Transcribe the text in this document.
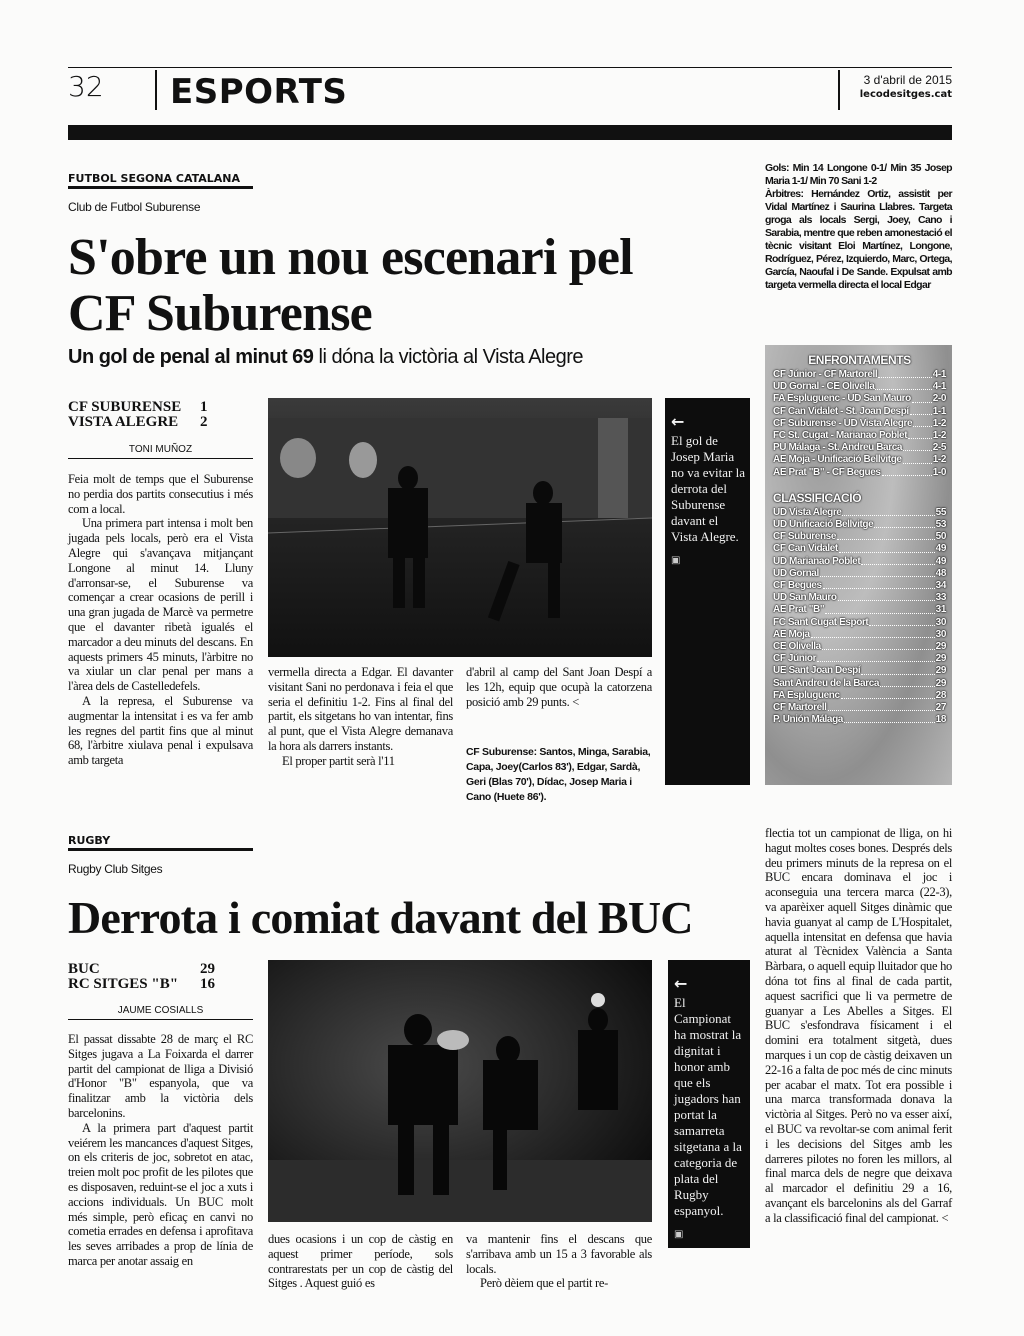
32 ESPORTS	3 d'abril de 2015
lecodesitges.cat
FUTBOL SEGONA CATALANA
Club de Futbol Suburense
S'obre un nou escenari pel
CF Suburense
Un gol de penal al minut 69 li dóna la victòria al Vista Alegre
CF SUBURENSE 1
VISTA ALEGRE 2
TONI MUÑOZ

Feia molt de temps que el Suburense no perdia dos partits consecutius i més com a local.

Una primera part intensa i molt ben jugada pels locals, però era el Vista Alegre qui s'avançava mitjançant Longone al minut 14. Lluny d'arronsar-se, el Suburense va començar a crear ocasions de perill i una gran jugada de Marcè va permetre que el davanter ribetà igualés el marcador a deu minuts del descans. En aquests primers 45 minuts, l'àrbitre no va xiular un clar penal per mans a l'àrea dels de Castelledefels.

A la represa, el Suburense va augmentar la intensitat i es va fer amb les regnes del partit fins que al minut 68, l'àrbitre xiulava penal i expulsava amb targeta

←
El gol de Josep Maria no va evitar la derrota del Suburense davant el Vista Alegre.
▣

vermella directa a Edgar. El davanter visitant Sani no perdonava i feia el que seria el definitiu 1-2. Fins al final del partit, els sitgetans ho van intentar, fins al punt, que el Vista Alegre demanava la hora als darrers instants.

El proper partit serà l'11

d'abril al camp del Sant Joan Despí a les 12h, equip que ocupà la catorzena posició amb 29 punts. <

CF Suburense: Santos, Minga, Sarabia, Capa, Joey(Carlos 83'), Edgar, Sardà, Geri (Blas 70'), Dídac, Josep Maria i Cano (Huete 86').
Gols: Min 14 Longone 0-1/ Min 35 Josep Maria 1-1/ Min 70 Sani 1-2
Àrbitres: Hernández Ortiz, assistit per Vidal Martínez i Saurina Llabres. Targeta groga als locals Sergi, Joey, Cano i Sarabia, mentre que reben amonestació el tècnic visitant Eloi Martínez, Longone, Rodríguez, Pérez, Izquierdo, Marc, Ortega, García, Naoufal i De Sande. Expulsat amb targeta vermella directa el local Edgar
ENFRONTAMENTS
CF Júnior - CF Martorell	4-1
UD Gornal - CE Olivella	4-1
FA Espluguenc - UD San Mauro 2-0
CF Can Vidalet - St. Joan Despí 1-1
CF Suburense - UD Vista Alegre 1-2
FC St. Cugat - Marianao Poblet	1-2
PU Málaga - St. Andreu Barca	2-5
AE Moja - Unificació Bellvitge	1-2
AE Prat "B" - CF Begues	1-0
CLASSIFICACIÓ
UD Vista Alegre	55
UD Unificació Bellvitge	53
CF Suburense	50
CF Can Vidalet	49
UD Marianao Poblet	49
UD Gornal	48
CF Begues	34
UD San Mauro	33
AE Prat "B"	31
FC Sant Cugat Esport	30
AE Moja	30
CE Olivella	29
CF Júnior	29
UE Sant Joan Despí	29
Sant Andreu de la Barca	29
FA Espluguenc	28
CF Martorell	27
P. Unión Málaga	18
RUGBY
Rugby Club Sitges
Derrota i comiat davant del BUC
BUC	29
RC SITGES "B" 16
JAUME COSIALLS

El passat dissabte 28 de març el RC Sitges jugava a La Foixarda el darrer partit del campionat de lliga a Divisió d'Honor "B" espanyola, que va finalitzar amb la victòria dels barcelonins.

A la primera part d'aquest partit veiérem les mancances d'aquest Sitges, on els criteris de joc, sobretot en atac, treien molt poc profit de les pilotes que es disposaven, reduint-se el joc a xuts i accions individuals. Un BUC molt més simple, però eficaç en canvi no cometia errades en defensa i aprofitava les seves arribades a prop de línia de marca per anotar assaig en

←
El Campionat ha mostrat la dignitat i honor amb que els jugadors han portat la samarreta sitgetana a la categoria de plata del Rugby espanyol.
▣

dues ocasions i un cop de càstig en aquest primer període, sols contrarestats per un cop de càstig del Sitges . Aquest guió es

va mantenir fins el descans que s'arribava amb un 15 a 3 favorable als locals.

Però dèiem que el partit re-

flectia tot un campionat de lliga, on hi hagut moltes coses bones. Després dels deu primers minuts de la represa on el BUC encara dominava el joc i aconseguia una tercera marca (22-3), va aparèixer aquell Sitges dinàmic que havia guanyat al camp de L'Hospitalet, aquella intensitat en defensa que havia aturat al Tècnidex València a Santa Bàrbara, o aquell equip lluitador que ho dóna tot fins al final de cada partit, aquest sacrifici que li va permetre de guanyar a Les Abelles a Sitges. El BUC s'esfondrava físicament i el domini era totalment sitgetà, dues marques i un cop de càstig deixaven un 22-16 a falta de poc més de cinc minuts per acabar el matx. Tot era possible i una marca transformada donava la victòria al Sitges. Però no va esser així, el BUC va revoltar-se com animal ferit i les decisions del Sitges amb les darreres pilotes no foren les millors, al final marca dels de negre que deixava al marcador el definitiu 29 a 16, avançant els barcelonins als del Garraf a la classificació final del campionat. <
